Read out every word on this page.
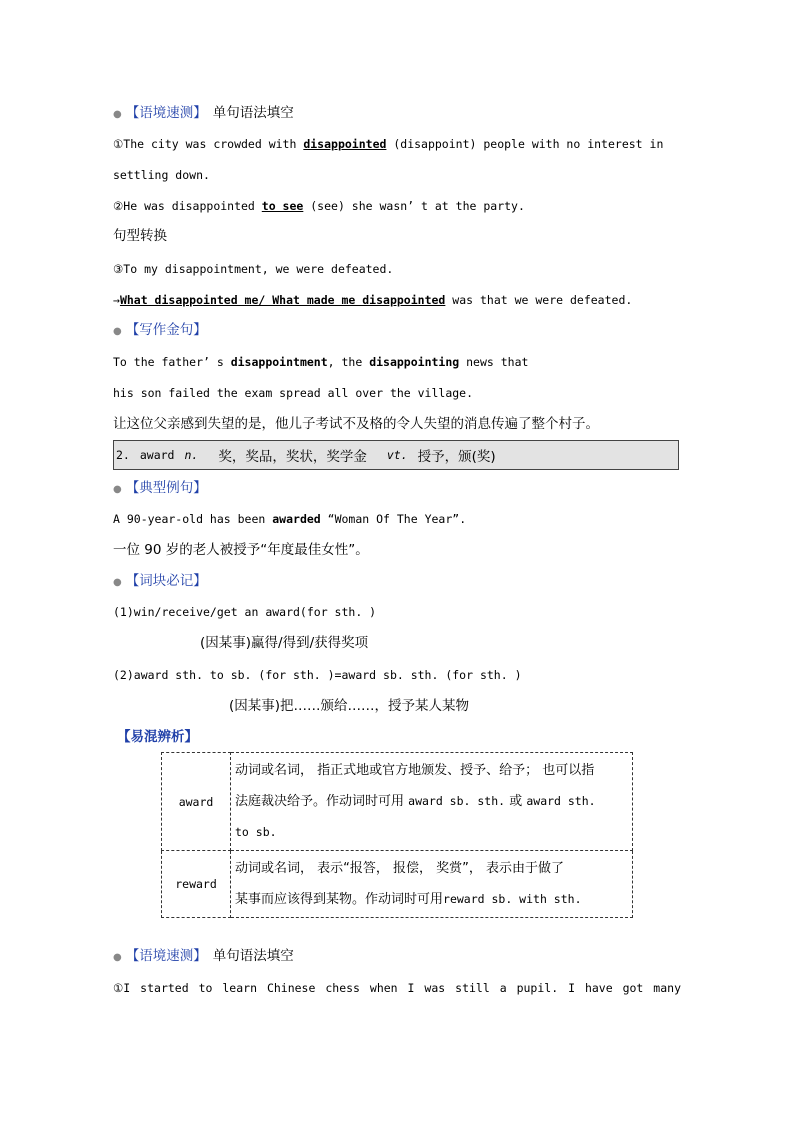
● 【语境速测】 单句语法填空
①The city was crowded with disappointed (disappoint) people with no interest in
settling down.
②He was disappointed to see (see) she wasn’ t at the party.
句型转换
③To my disappointment, we were defeated.
→What disappointed me/ What made me disappointed was that we were defeated.
● 【写作金句】
To the father’ s disappointment, the disappointing news that
his son failed the exam spread all over the village.
让这位父亲感到失望的是，他儿子考试不及格的令人失望的消息传遍了整个村子。
2. award n. 奖，奖品，奖状，奖学金 vt. 授予，颁(奖)
● 【典型例句】
A 90-year-old has been awarded “Woman Of The Year”.
一位 90 岁的老人被授予“年度最佳女性”。
● 【词块必记】
(1)win/receive/get an award(for sth. )
(因某事)赢得/得到/获得奖项
(2)award sth. to sb. (for sth. )=award sb. sth. (for sth. )
(因某事)把……颁给……，授予某人某物
【易混辨析】
award	动词或名词， 指正式地或官方地颁发、授予、给予； 也可以指
法庭裁决给予。作动词时可用 award sb. sth. 或 award sth.
to sb.

reward	动词或名词， 表示“报答， 报偿， 奖赏”， 表示由于做了
某事而应该得到某物。作动词时可用reward sb. with sth.
● 【语境速测】 单句语法填空
①I started to learn Chinese chess when I was still a pupil. I have got many
